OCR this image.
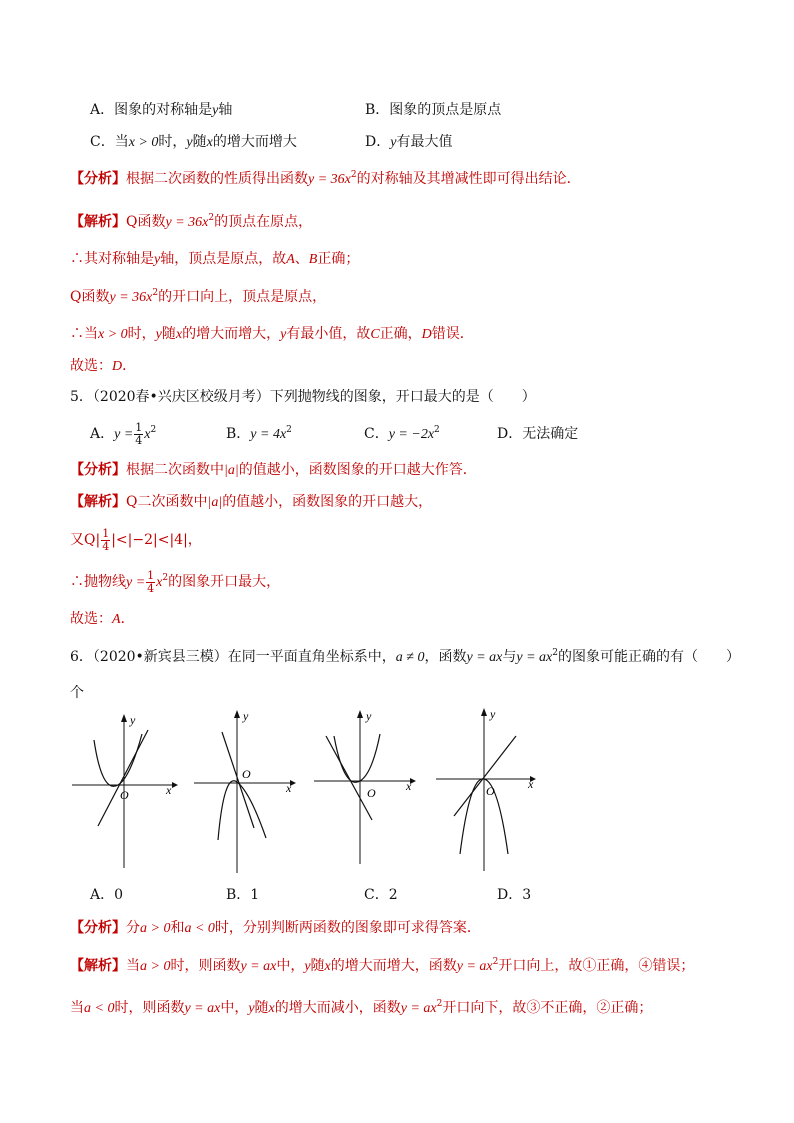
A．图象的对称轴是y轴	B．图象的顶点是原点
C．当x > 0时，y随x的增大而增大	D．y有最大值
【分析】根据二次函数的性质得出函数$y = 36x^2$的对称轴及其增减性即可得出结论．
【解析】Q函数$y = 36x^2$的顶点在原点，
∴其对称轴是y轴，顶点是原点，故A、B正确；
Q函数$y = 36x^2$的开口向上，顶点是原点，
∴当x > 0时，y随x的增大而增大，y有最小值，故C正确，D错误．
故选：D．
5．（2020春•兴庆区校级月考）下列抛物线的图象，开口最大的是（　　）
A．$y = \frac{1}{4} x^2$	B．$y = 4x^2$	C．$y = -2x^2$	D．无法确定
【分析】根据二次函数中|a|的值越小，函数图象的开口越大作答．
【解析】Q二次函数中|a|的值越小，函数图象的开口越大，
又$Q| \frac{1}{4} |<|-2|<|4|$，
∴抛物线$y = \frac{1}{4} x^2$的图象开口最大，
故选：A．
6．（2020•新宾县三模）在同一平面直角坐标系中，a ≠ 0，函数y = ax与$y = ax^2$的图象可能正确的有（　　）
个
y
x
O
y
x
O
y
x
O
y
x
O
A．0	B．1	C．2	D．3
【分析】分a > 0和a < 0时，分别判断两函数的图象即可求得答案．
【解析】当a > 0时，则函数y = ax中，y随x的增大而增大，函数$y = ax^2$开口向上，故①正确，④错误；
当a < 0时，则函数y = ax中，y随x的增大而减小，函数$y = ax^2$开口向下，故③不正确，②正确；
